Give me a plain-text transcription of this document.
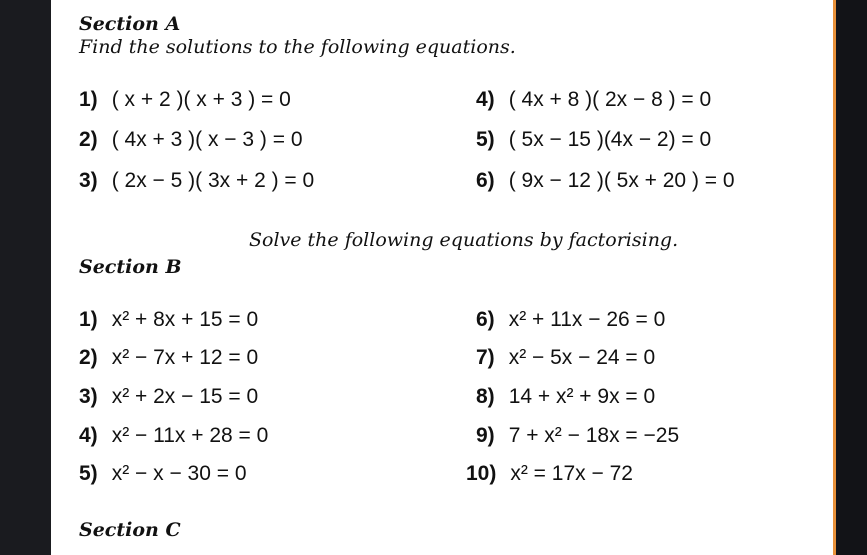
Section A
Find the solutions to the following equations.
1) ( x + 2 )( x + 3 ) = 0
2) ( 4x + 3 )( x − 3 ) = 0
3) ( 2x − 5 )( 3x + 2 ) = 0
4) ( 4x + 8 )( 2x − 8 ) = 0
5) ( 5x − 15 )(4x − 2) = 0
6) ( 9x − 12 )( 5x + 20 ) = 0
Solve the following equations by factorising.
Section B
1) x² + 8x + 15 = 0
2) x² − 7x + 12 = 0
3) x² + 2x − 15 = 0
4) x² − 11x + 28 = 0
5) x² − x − 30 = 0
6) x² + 11x − 26 = 0
7) x² − 5x − 24 = 0
8) 14 + x² + 9x = 0
9) 7 + x² − 18x = −25
10) x² = 17x − 72
Section C
